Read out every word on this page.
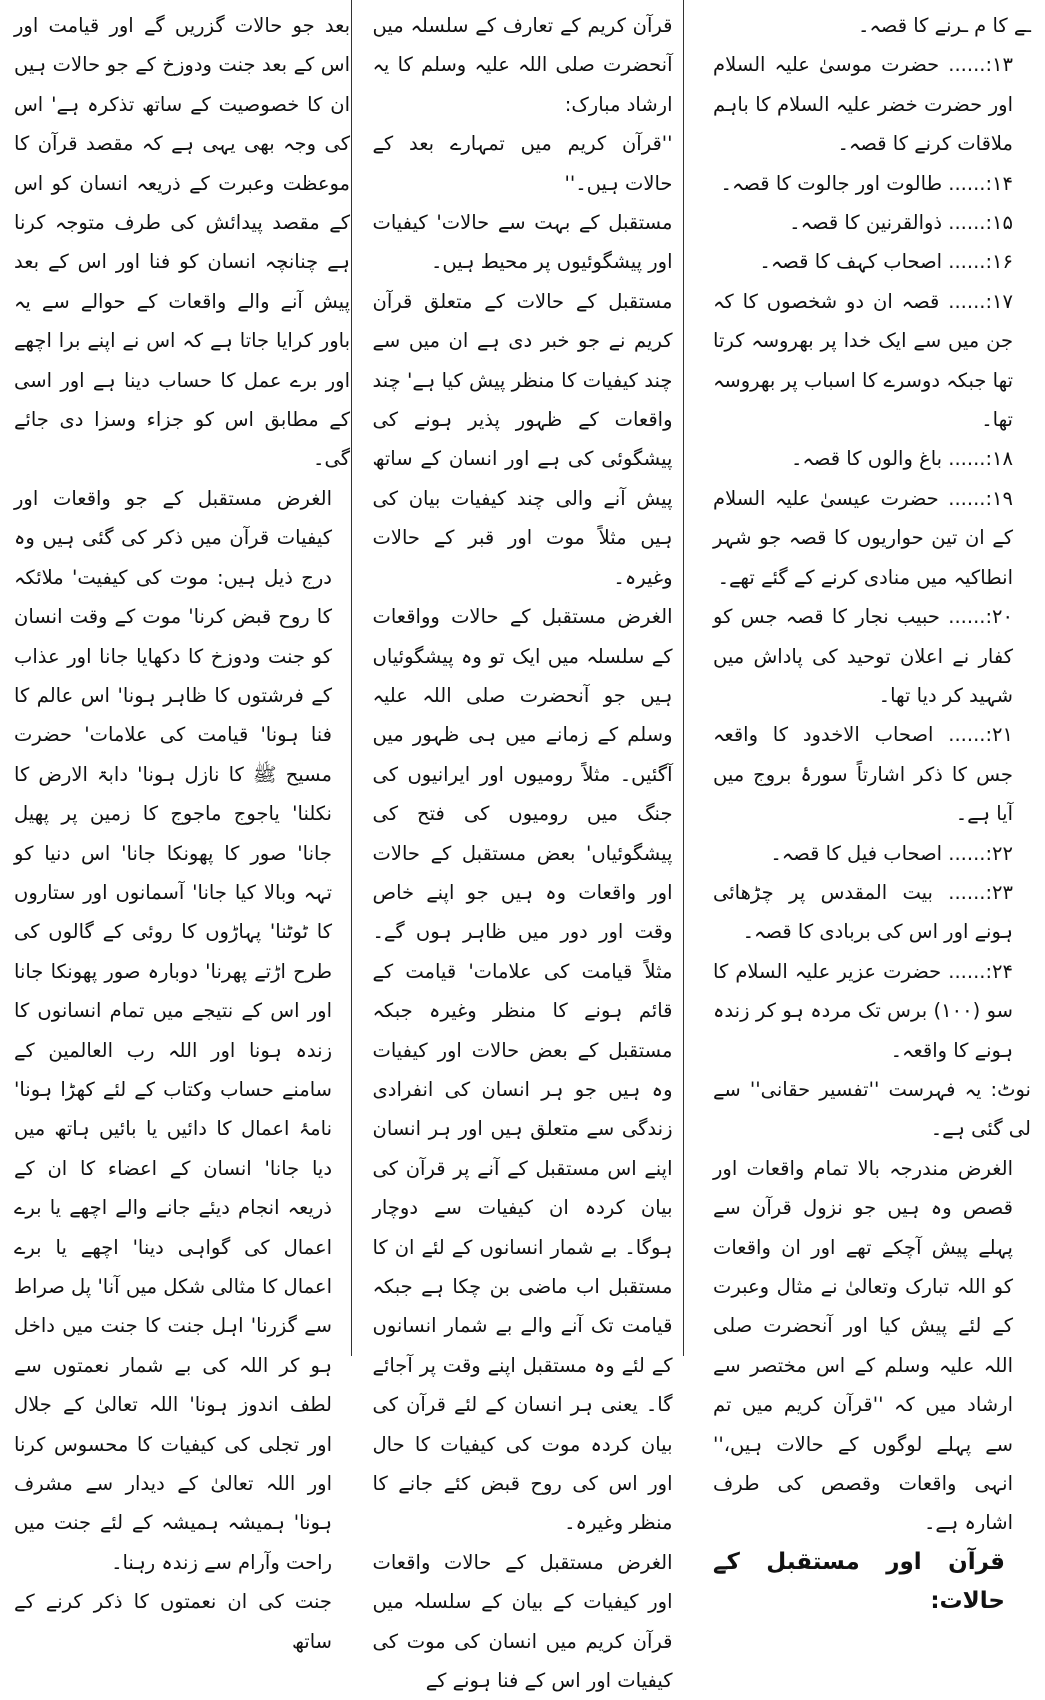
ـے کا م ـرنے کا قصہ۔

۱۳:...... حضرت موسیٰ علیہ السلام اور حضرت خضر علیہ السلام کا باہم ملاقات کرنے کا قصہ۔

۱۴:...... طالوت اور جالوت کا قصہ۔

۱۵:...... ذوالقرنین کا قصہ۔

۱۶:...... اصحاب کہف کا قصہ۔

۱۷:...... قصہ ان دو شخصوں کا کہ جن میں سے ایک خدا پر بھروسہ کرتا تھا جبکہ دوسرے کا اسباب پر بھروسہ تھا۔

۱۸:...... باغ والوں کا قصہ۔

۱۹:...... حضرت عیسیٰ علیہ السلام کے ان تین حواریوں کا قصہ جو شہر انطاکیہ میں منادی کرنے کے گئے تھے۔

۲۰:...... حبیب نجار کا قصہ جس کو کفار نے اعلان توحید کی پاداش میں شہید کر دیا تھا۔

۲۱:...... اصحاب الاخدود کا واقعہ جس کا ذکر اشارتاً سورۂ بروج میں آیا ہے۔

۲۲:...... اصحاب فیل کا قصہ۔

۲۳:...... بیت المقدس پر چڑھائی ہونے اور اس کی بربادی کا قصہ۔

۲۴:...... حضرت عزیر علیہ السلام کا سو (۱۰۰) برس تک مردہ ہو کر زندہ ہونے کا واقعہ۔

نوٹ: یہ فہرست ''تفسیر حقانی'' سے لی گئی ہے۔

الغرض مندرجہ بالا تمام واقعات اور قصص وہ ہیں جو نزول قرآن سے پہلے پیش آچکے تھے اور ان واقعات کو اللہ تبارک وتعالیٰ نے مثال وعبرت کے لئے پیش کیا اور آنحضرت صلی اللہ علیہ وسلم کے اس مختصر سے ارشاد میں کہ ''قرآن کریم میں تم سے پہلے لوگوں کے حالات ہیں،'' انہی واقعات وقصص کی طرف اشارہ ہے۔

قرآن اور مستقبل کے حالات:

قرآن کریم کے تعارف کے سلسلہ میں آنحضرت صلی اللہ علیہ وسلم کا یہ ارشاد مبارک:

''قرآن کریم میں تمہارے بعد کے حالات ہیں۔''

مستقبل کے بہت سے حالات' کیفیات اور پیشگوئیوں پر محیط ہیں۔

مستقبل کے حالات کے متعلق قرآن کریم نے جو خبر دی ہے ان میں سے چند کیفیات کا منظر پیش کیا ہے' چند واقعات کے ظہور پذیر ہونے کی پیشگوئی کی ہے اور انسان کے ساتھ پیش آنے والی چند کیفیات بیان کی ہیں مثلاً موت اور قبر کے حالات وغیرہ۔

الغرض مستقبل کے حالات وواقعات کے سلسلہ میں ایک تو وہ پیشگوئیاں ہیں جو آنحضرت صلی اللہ علیہ وسلم کے زمانے میں ہی ظہور میں آگئیں۔ مثلاً رومیوں اور ایرانیوں کی جنگ میں رومیوں کی فتح کی پیشگوئیاں' بعض مستقبل کے حالات اور واقعات وہ ہیں جو اپنے خاص وقت اور دور میں ظاہر ہوں گے۔ مثلاً قیامت کی علامات' قیامت کے قائم ہونے کا منظر وغیرہ جبکہ مستقبل کے بعض حالات اور کیفیات وہ ہیں جو ہر انسان کی انفرادی زندگی سے متعلق ہیں اور ہر انسان اپنے اس مستقبل کے آنے پر قرآن کی بیان کردہ ان کیفیات سے دوچار ہوگا۔ بے شمار انسانوں کے لئے ان کا مستقبل اب ماضی بن چکا ہے جبکہ قیامت تک آنے والے بے شمار انسانوں کے لئے وہ مستقبل اپنے وقت پر آجائے گا۔ یعنی ہر انسان کے لئے قرآن کی بیان کردہ موت کی کیفیات کا حال اور اس کی روح قبض کئے جانے کا منظر وغیرہ۔

الغرض مستقبل کے حالات واقعات اور کیفیات کے بیان کے سلسلہ میں قرآن کریم میں انسان کی موت کی کیفیات اور اس کے فنا ہونے کے

بعد جو حالات گزریں گے اور قیامت اور اس کے بعد جنت ودوزخ کے جو حالات ہیں ان کا خصوصیت کے ساتھ تذکرہ ہے' اس کی وجہ بھی یہی ہے کہ مقصد قرآن کا موعظت وعبرت کے ذریعہ انسان کو اس کے مقصد پیدائش کی طرف متوجہ کرنا ہے چنانچہ انسان کو فنا اور اس کے بعد پیش آنے والے واقعات کے حوالے سے یہ باور کرایا جاتا ہے کہ اس نے اپنے برا اچھے اور برے عمل کا حساب دینا ہے اور اسی کے مطابق اس کو جزاء وسزا دی جائے گی۔

الغرض مستقبل کے جو واقعات اور کیفیات قرآن میں ذکر کی گئی ہیں وہ درج ذیل ہیں: موت کی کیفیت' ملائکہ کا روح قبض کرنا' موت کے وقت انسان کو جنت ودوزخ کا دکھایا جانا اور عذاب کے فرشتوں کا ظاہر ہونا' اس عالم کا فنا ہونا' قیامت کی علامات' حضرت مسیح ﷺ کا نازل ہونا' دابۃ الارض کا نکلنا' یاجوج ماجوج کا زمین پر پھیل جانا' صور کا پھونکا جانا' اس دنیا کو تہہ وبالا کیا جانا' آسمانوں اور ستاروں کا ٹوٹنا' پہاڑوں کا روئی کے گالوں کی طرح اڑتے پھرنا' دوبارہ صور پھونکا جانا اور اس کے نتیجے میں تمام انسانوں کا زندہ ہونا اور اللہ رب العالمین کے سامنے حساب وکتاب کے لئے کھڑا ہونا' نامۂ اعمال کا دائیں یا بائیں ہاتھ میں دیا جانا' انسان کے اعضاء کا ان کے ذریعہ انجام دیئے جانے والے اچھے یا برے اعمال کی گواہی دینا' اچھے یا برے اعمال کا مثالی شکل میں آنا' پل صراط سے گزرنا' اہل جنت کا جنت میں داخل ہو کر اللہ کی بے شمار نعمتوں سے لطف اندوز ہونا' اللہ تعالیٰ کے جلال اور تجلی کی کیفیات کا محسوس کرنا اور اللہ تعالیٰ کے دیدار سے مشرف ہونا' ہمیشہ ہمیشہ کے لئے جنت میں راحت وآرام سے زندہ رہنا۔

جنت کی ان نعمتوں کا ذکر کرنے کے ساتھ
